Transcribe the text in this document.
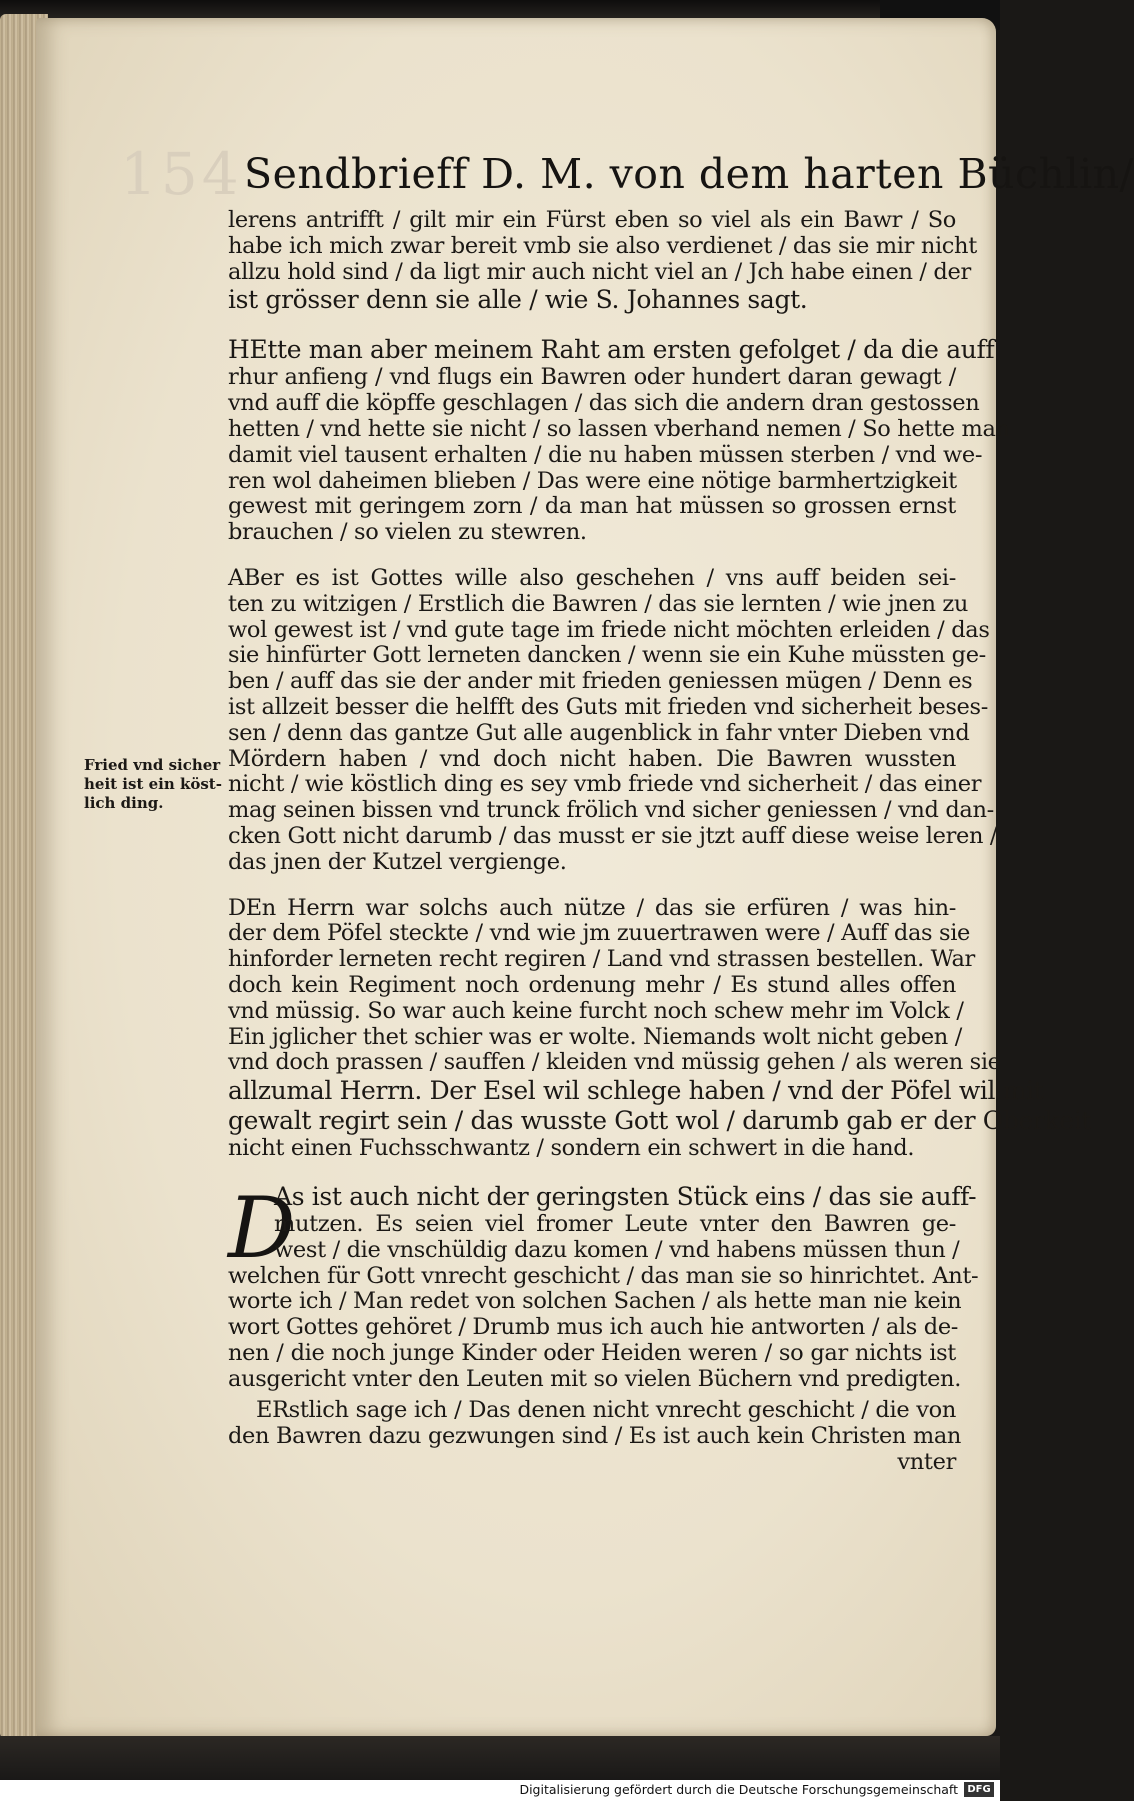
154 Sendbrieff D. M. von dem harten Büchlin/
Fried vnd sicher
heit ist ein köst-
lich ding.
D
lerens antrifft / gilt mir ein Fürst eben so viel als ein Bawr / So
habe ich mich zwar bereit vmb sie also verdienet / das sie mir nicht
allzu hold sind / da ligt mir auch nicht viel an / Jch habe einen / der
ist grösser denn sie alle / wie S. Johannes sagt.
HEtte man aber meinem Raht am ersten gefolget / da die auff
rhur anfieng / vnd flugs ein Bawren oder hundert daran gewagt /
vnd auff die köpffe geschlagen / das sich die andern dran gestossen
hetten / vnd hette sie nicht / so lassen vberhand nemen / So hette man
damit viel tausent erhalten / die nu haben müssen sterben / vnd we-
ren wol daheimen blieben / Das were eine nötige barmhertzigkeit
gewest mit geringem zorn / da man hat müssen so grossen ernst
brauchen / so vielen zu stewren.
ABer es ist Gottes wille also geschehen / vns auff beiden sei-
ten zu witzigen / Erstlich die Bawren / das sie lernten / wie jnen zu
wol gewest ist / vnd gute tage im friede nicht möchten erleiden / das
sie hinfürter Gott lerneten dancken / wenn sie ein Kuhe müssten ge-
ben / auff das sie der ander mit frieden geniessen mügen / Denn es
ist allzeit besser die helfft des Guts mit frieden vnd sicherheit beses-
sen / denn das gantze Gut alle augenblick in fahr vnter Dieben vnd
Mördern haben / vnd doch nicht haben. Die Bawren wussten
nicht / wie köstlich ding es sey vmb friede vnd sicherheit / das einer
mag seinen bissen vnd trunck frölich vnd sicher geniessen / vnd dan-
cken Gott nicht darumb / das musst er sie jtzt auff diese weise leren /
das jnen der Kutzel vergienge.
DEn Herrn war solchs auch nütze / das sie erfüren / was hin-
der dem Pöfel steckte / vnd wie jm zuuertrawen were / Auff das sie
hinforder lerneten recht regiren / Land vnd strassen bestellen. War
doch kein Regiment noch ordenung mehr / Es stund alles offen
vnd müssig. So war auch keine furcht noch schew mehr im Volck /
Ein jglicher thet schier was er wolte. Niemands wolt nicht geben /
vnd doch prassen / sauffen / kleiden vnd müssig gehen / als weren sie
allzumal Herrn. Der Esel wil schlege haben / vnd der Pöfel wil mit
gewalt regirt sein / das wusste Gott wol / darumb gab er der Oberkeit
nicht einen Fuchsschwantz / sondern ein schwert in die hand.
As ist auch nicht der geringsten Stück eins / das sie auff-
mutzen. Es seien viel fromer Leute vnter den Bawren ge-
west / die vnschüldig dazu komen / vnd habens müssen thun /
welchen für Gott vnrecht geschicht / das man sie so hinrichtet. Ant-
worte ich / Man redet von solchen Sachen / als hette man nie kein
wort Gottes gehöret / Drumb mus ich auch hie antworten / als de-
nen / die noch junge Kinder oder Heiden weren / so gar nichts ist
ausgericht vnter den Leuten mit so vielen Büchern vnd predigten.
ERstlich sage ich / Das denen nicht vnrecht geschicht / die von
den Bawren dazu gezwungen sind / Es ist auch kein Christen man
vnter
Digitalisierung gefördert durch die Deutsche Forschungsgemeinschaft DFG
